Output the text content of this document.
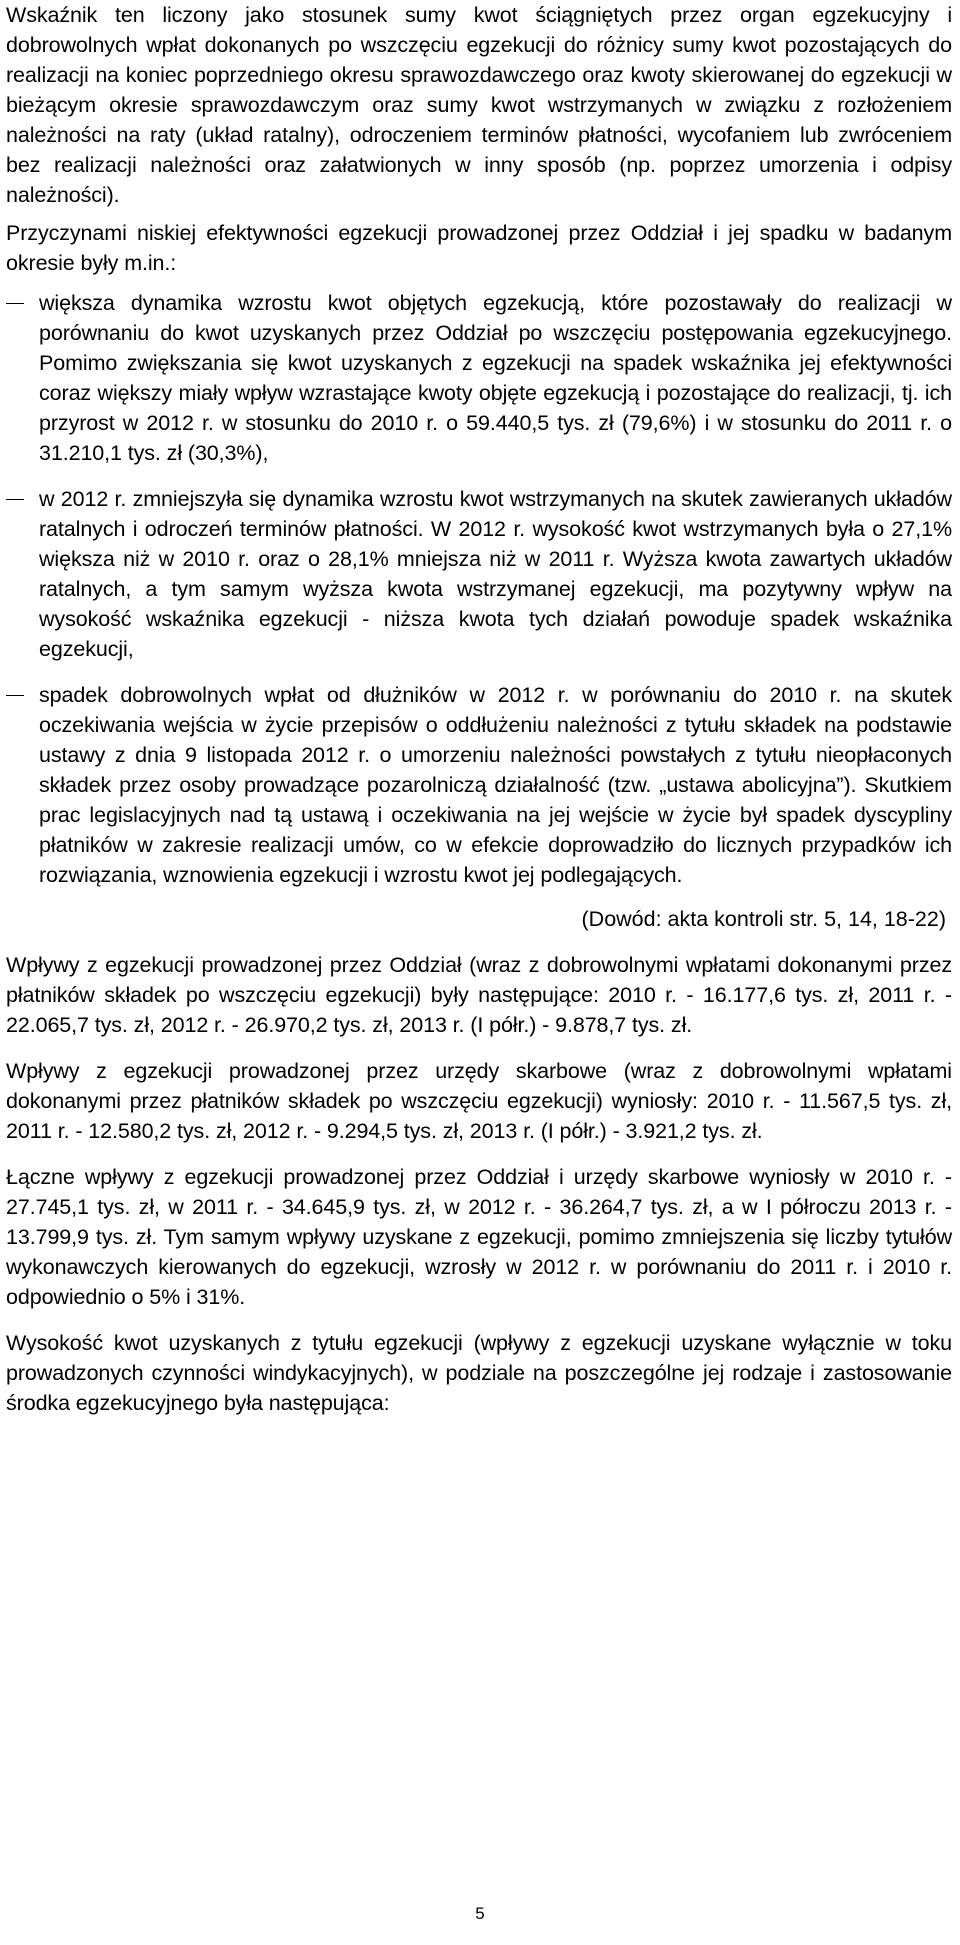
Wskaźnik ten liczony jako stosunek sumy kwot ściągniętych przez organ egzekucyjny i dobrowolnych wpłat dokonanych po wszczęciu egzekucji do różnicy sumy kwot pozostających do realizacji na koniec poprzedniego okresu sprawozdawczego oraz kwoty skierowanej do egzekucji w bieżącym okresie sprawozdawczym oraz sumy kwot wstrzymanych w związku z rozłożeniem należności na raty (układ ratalny), odroczeniem terminów płatności, wycofaniem lub zwróceniem bez realizacji należności oraz załatwionych w inny sposób (np. poprzez umorzenia i odpisy należności).

Przyczynami niskiej efektywności egzekucji prowadzonej przez Oddział i jej spadku w badanym okresie były m.in.:

większa dynamika wzrostu kwot objętych egzekucją, które pozostawały do realizacji w porównaniu do kwot uzyskanych przez Oddział po wszczęciu postępowania egzekucyjnego. Pomimo zwiększania się kwot uzyskanych z egzekucji na spadek wskaźnika jej efektywności coraz większy miały wpływ wzrastające kwoty objęte egzekucją i pozostające do realizacji, tj. ich przyrost w 2012 r. w stosunku do 2010 r. o 59.440,5 tys. zł (79,6%) i w stosunku do 2011 r. o 31.210,1 tys. zł (30,3%),
w 2012 r. zmniejszyła się dynamika wzrostu kwot wstrzymanych na skutek zawieranych układów ratalnych i odroczeń terminów płatności. W 2012 r. wysokość kwot wstrzymanych była o 27,1% większa niż w 2010 r. oraz o 28,1% mniejsza niż w 2011 r. Wyższa kwota zawartych układów ratalnych, a tym samym wyższa kwota wstrzymanej egzekucji, ma pozytywny wpływ na wysokość wskaźnika egzekucji - niższa kwota tych działań powoduje spadek wskaźnika egzekucji,
spadek dobrowolnych wpłat od dłużników w 2012 r. w porównaniu do 2010 r. na skutek oczekiwania wejścia w życie przepisów o oddłużeniu należności z tytułu składek na podstawie ustawy z dnia 9 listopada 2012 r. o umorzeniu należności powstałych z tytułu nieopłaconych składek przez osoby prowadzące pozarolniczą działalność (tzw. „ustawa abolicyjna”). Skutkiem prac legislacyjnych nad tą ustawą i oczekiwania na jej wejście w życie był spadek dyscypliny płatników w zakresie realizacji umów, co w efekcie doprowadziło do licznych przypadków ich rozwiązania, wznowienia egzekucji i wzrostu kwot jej podlegających.
(Dowód: akta kontroli str. 5, 14, 18-22)

Wpływy z egzekucji prowadzonej przez Oddział (wraz z dobrowolnymi wpłatami dokonanymi przez płatników składek po wszczęciu egzekucji) były następujące: 2010 r. - 16.177,6 tys. zł, 2011 r. - 22.065,7 tys. zł, 2012 r. - 26.970,2 tys. zł, 2013 r. (I półr.) - 9.878,7 tys. zł.

Wpływy z egzekucji prowadzonej przez urzędy skarbowe (wraz z dobrowolnymi wpłatami dokonanymi przez płatników składek po wszczęciu egzekucji) wyniosły: 2010 r. - 11.567,5 tys. zł, 2011 r. - 12.580,2 tys. zł, 2012 r. - 9.294,5 tys. zł, 2013 r. (I półr.) - 3.921,2 tys. zł.

Łączne wpływy z egzekucji prowadzonej przez Oddział i urzędy skarbowe wyniosły w 2010 r. - 27.745,1 tys. zł, w 2011 r. - 34.645,9 tys. zł, w 2012 r. - 36.264,7 tys. zł, a w I półroczu 2013 r. - 13.799,9 tys. zł. Tym samym wpływy uzyskane z egzekucji, pomimo zmniejszenia się liczby tytułów wykonawczych kierowanych do egzekucji, wzrosły w 2012 r. w porównaniu do 2011 r. i 2010 r. odpowiednio o 5% i 31%.

Wysokość kwot uzyskanych z tytułu egzekucji (wpływy z egzekucji uzyskane wyłącznie w toku prowadzonych czynności windykacyjnych), w podziale na poszczególne jej rodzaje i zastosowanie środka egzekucyjnego była następująca:

5
